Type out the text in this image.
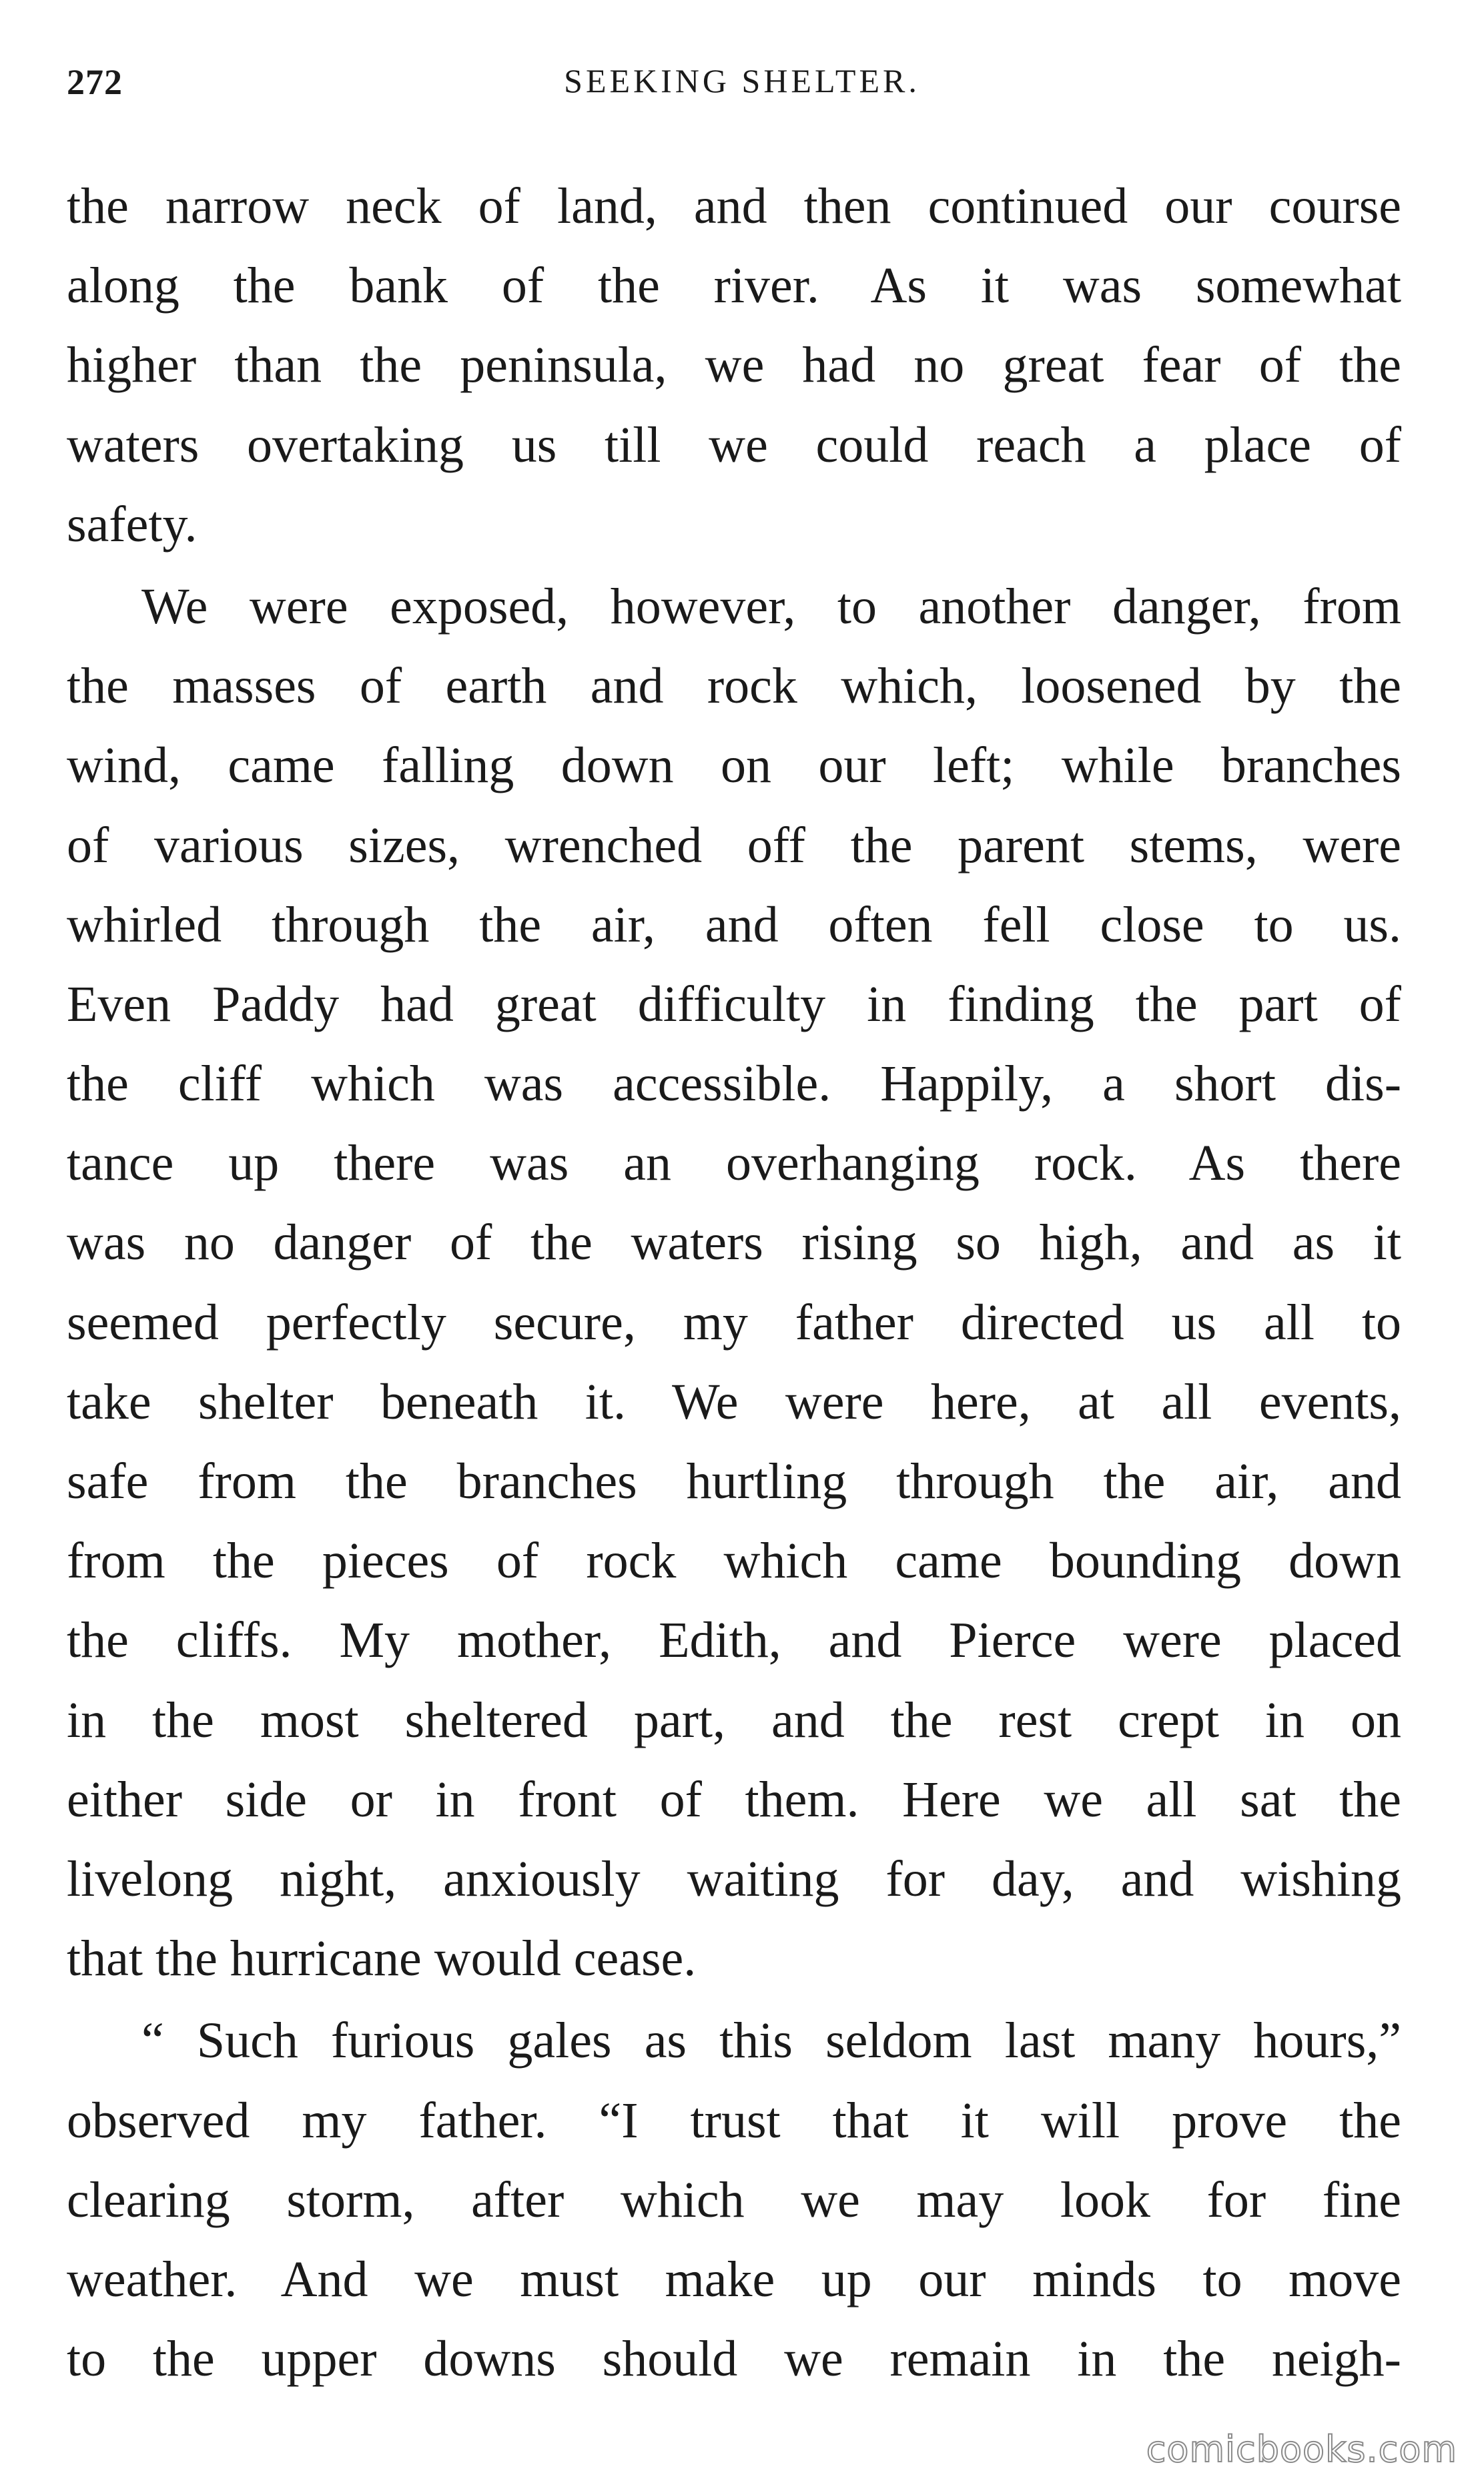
272	SEEKING SHELTER.
the narrow neck of land, and then continued our course
along the bank of the river. As it was somewhat
higher than the peninsula, we had no great fear of the
waters overtaking us till we could reach a place of
safety.
We were exposed, however, to another danger, from
the masses of earth and rock which, loosened by the
wind, came falling down on our left; while branches
of various sizes, wrenched off the parent stems, were
whirled through the air, and often fell close to us.
Even Paddy had great difficulty in finding the part of
the cliff which was accessible. Happily, a short dis-
tance up there was an overhanging rock. As there
was no danger of the waters rising so high, and as it
seemed perfectly secure, my father directed us all to
take shelter beneath it. We were here, at all events,
safe from the branches hurtling through the air, and
from the pieces of rock which came bounding down
the cliffs. My mother, Edith, and Pierce were placed
in the most sheltered part, and the rest crept in on
either side or in front of them. Here we all sat the
livelong night, anxiously waiting for day, and wishing
that the hurricane would cease.
“ Such furious gales as this seldom last many hours,”
observed my father. “I trust that it will prove the
clearing storm, after which we may look for fine
weather. And we must make up our minds to move
to the upper downs should we remain in the neigh-
comicbooks.com
